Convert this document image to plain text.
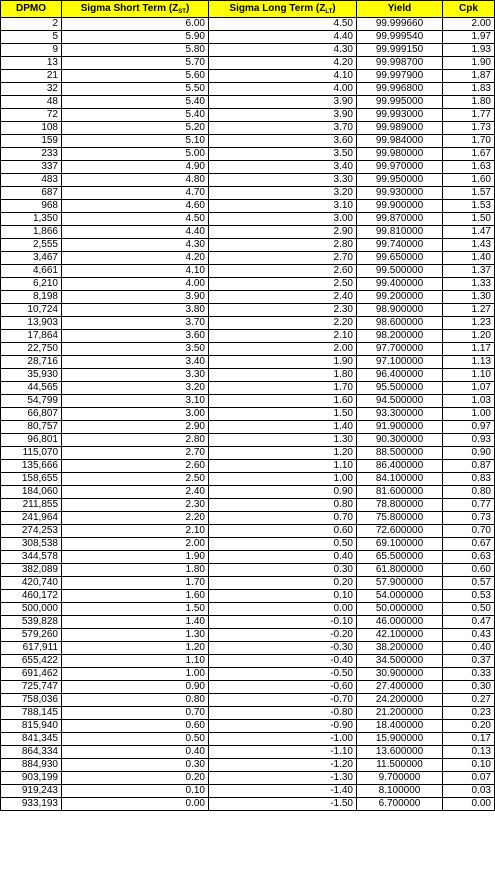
DPMO	Sigma Short Term $(Z_{ST})$	Sigma Long Term $(Z_{LT})$	Yield	Cpk
2	6.00	4.50	99.999660	2.00
5	5.90	4.40	99.999540	1.97
9	5.80	4.30	99.999150	1.93
13	5.70	4.20	99.998700	1.90
21	5.60	4.10	99.997900	1.87
32	5.50	4.00	99.996800	1.83
48	5.40	3.90	99.995000	1.80
72	5.40	3.90	99.993000	1.77
108	5.20	3.70	99.989000	1.73
159	5.10	3.60	99.984000	1.70
233	5.00	3.50	99.980000	1.67
337	4.90	3.40	99.970000	1.63
483	4.80	3.30	99.950000	1.60
687	4.70	3.20	99.930000	1.57
968	4.60	3.10	99.900000	1.53
1,350	4.50	3.00	99.870000	1.50
1,866	4.40	2.90	99.810000	1.47
2,555	4.30	2.80	99.740000	1.43
3,467	4.20	2.70	99.650000	1.40
4,661	4.10	2.60	99.500000	1.37
6,210	4.00	2.50	99.400000	1.33
8,198	3.90	2.40	99.200000	1.30
10,724	3.80	2.30	98.900000	1.27
13,903	3.70	2.20	98.600000	1.23
17,864	3.60	2.10	98.200000	1.20
22,750	3.50	2.00	97.700000	1.17
28,716	3.40	1.90	97.100000	1.13
35,930	3.30	1.80	96.400000	1.10
44,565	3.20	1.70	95.500000	1.07
54,799	3.10	1.60	94.500000	1.03
66,807	3.00	1.50	93.300000	1.00
80,757	2.90	1.40	91.900000	0.97
96,801	2.80	1.30	90.300000	0.93
115,070	2.70	1.20	88.500000	0.90
135,666	2.60	1.10	86.400000	0.87
158,655	2.50	1.00	84.100000	0.83
184,060	2.40	0.90	81.600000	0.80
211,855	2.30	0.80	78.800000	0.77
241,964	2.20	0.70	75.800000	0.73
274,253	2.10	0.60	72.600000	0.70
308,538	2.00	0.50	69.100000	0.67
344,578	1.90	0.40	65.500000	0.63
382,089	1.80	0.30	61.800000	0.60
420,740	1.70	0.20	57.900000	0.57
460,172	1.60	0.10	54.000000	0.53
500,000	1.50	0.00	50.000000	0.50
539,828	1.40	-0.10	46.000000	0.47
579,260	1.30	-0.20	42.100000	0.43
617,911	1.20	-0.30	38.200000	0.40
655,422	1.10	-0.40	34.500000	0.37
691,462	1.00	-0.50	30.900000	0.33
725,747	0.90	-0.60	27.400000	0.30
758,036	0.80	-0.70	24.200000	0.27
788,145	0.70	-0.80	21.200000	0.23
815,940	0.60	-0.90	18.400000	0.20
841,345	0.50	-1.00	15.900000	0.17
864,334	0.40	-1.10	13.600000	0.13
884,930	0.30	-1.20	11.500000	0.10
903,199	0.20	-1.30	9.700000	0.07
919,243	0.10	-1.40	8.100000	0.03
933,193	0.00	-1.50	6.700000	0.00
